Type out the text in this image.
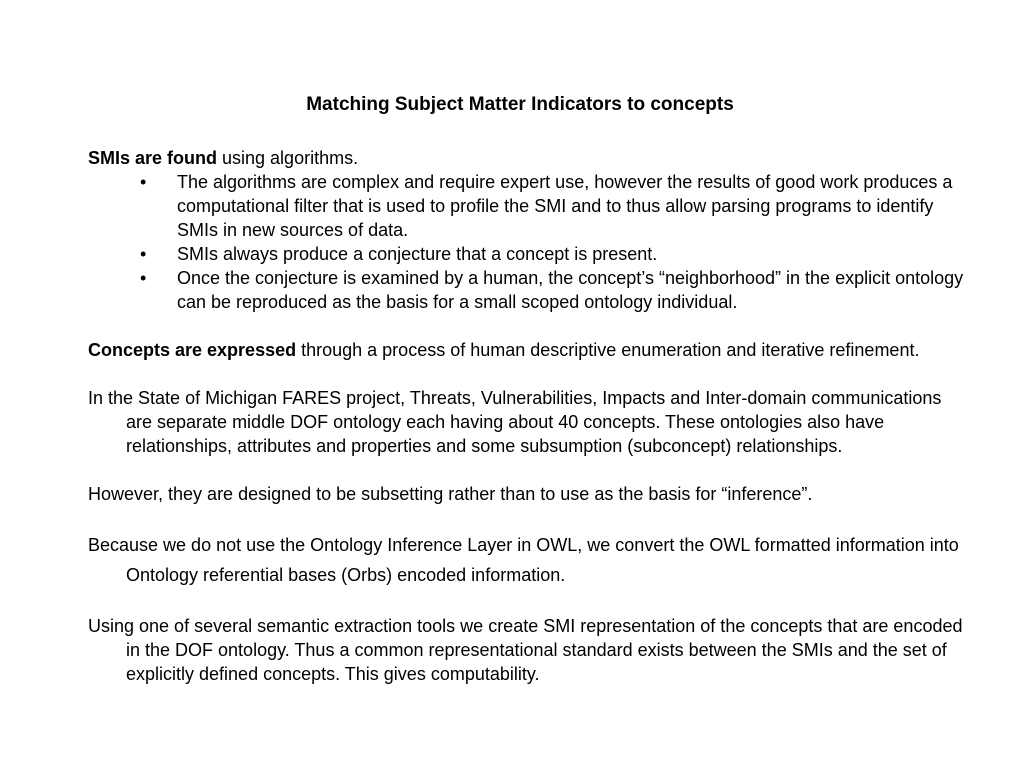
Matching Subject Matter Indicators to concepts

SMIs are found using algorithms.

• The algorithms are complex and require expert use, however the results of good work produces a computational filter that is used to profile the SMI and to thus allow parsing programs to identify SMIs in new sources of data.
• SMIs always produce a conjecture that a concept is present.
• Once the conjecture is examined by a human, the concept’s “neighborhood” in the explicit ontology can be reproduced as the basis for a small scoped ontology individual.

Concepts are expressed through a process of human descriptive enumeration and iterative refinement.

In the State of Michigan FARES project, Threats, Vulnerabilities, Impacts and Inter-domain communications are separate middle DOF ontology each having about 40 concepts. These ontologies also have relationships, attributes and properties and some subsumption (subconcept) relationships.

However, they are designed to be subsetting rather than to use as the basis for “inference”.

Because we do not use the Ontology Inference Layer in OWL, we convert the OWL formatted information into Ontology referential bases (Orbs) encoded information.

Using one of several semantic extraction tools we create SMI representation of the concepts that are encoded in the DOF ontology. Thus a common representational standard exists between the SMIs and the set of explicitly defined concepts. This gives computability.
